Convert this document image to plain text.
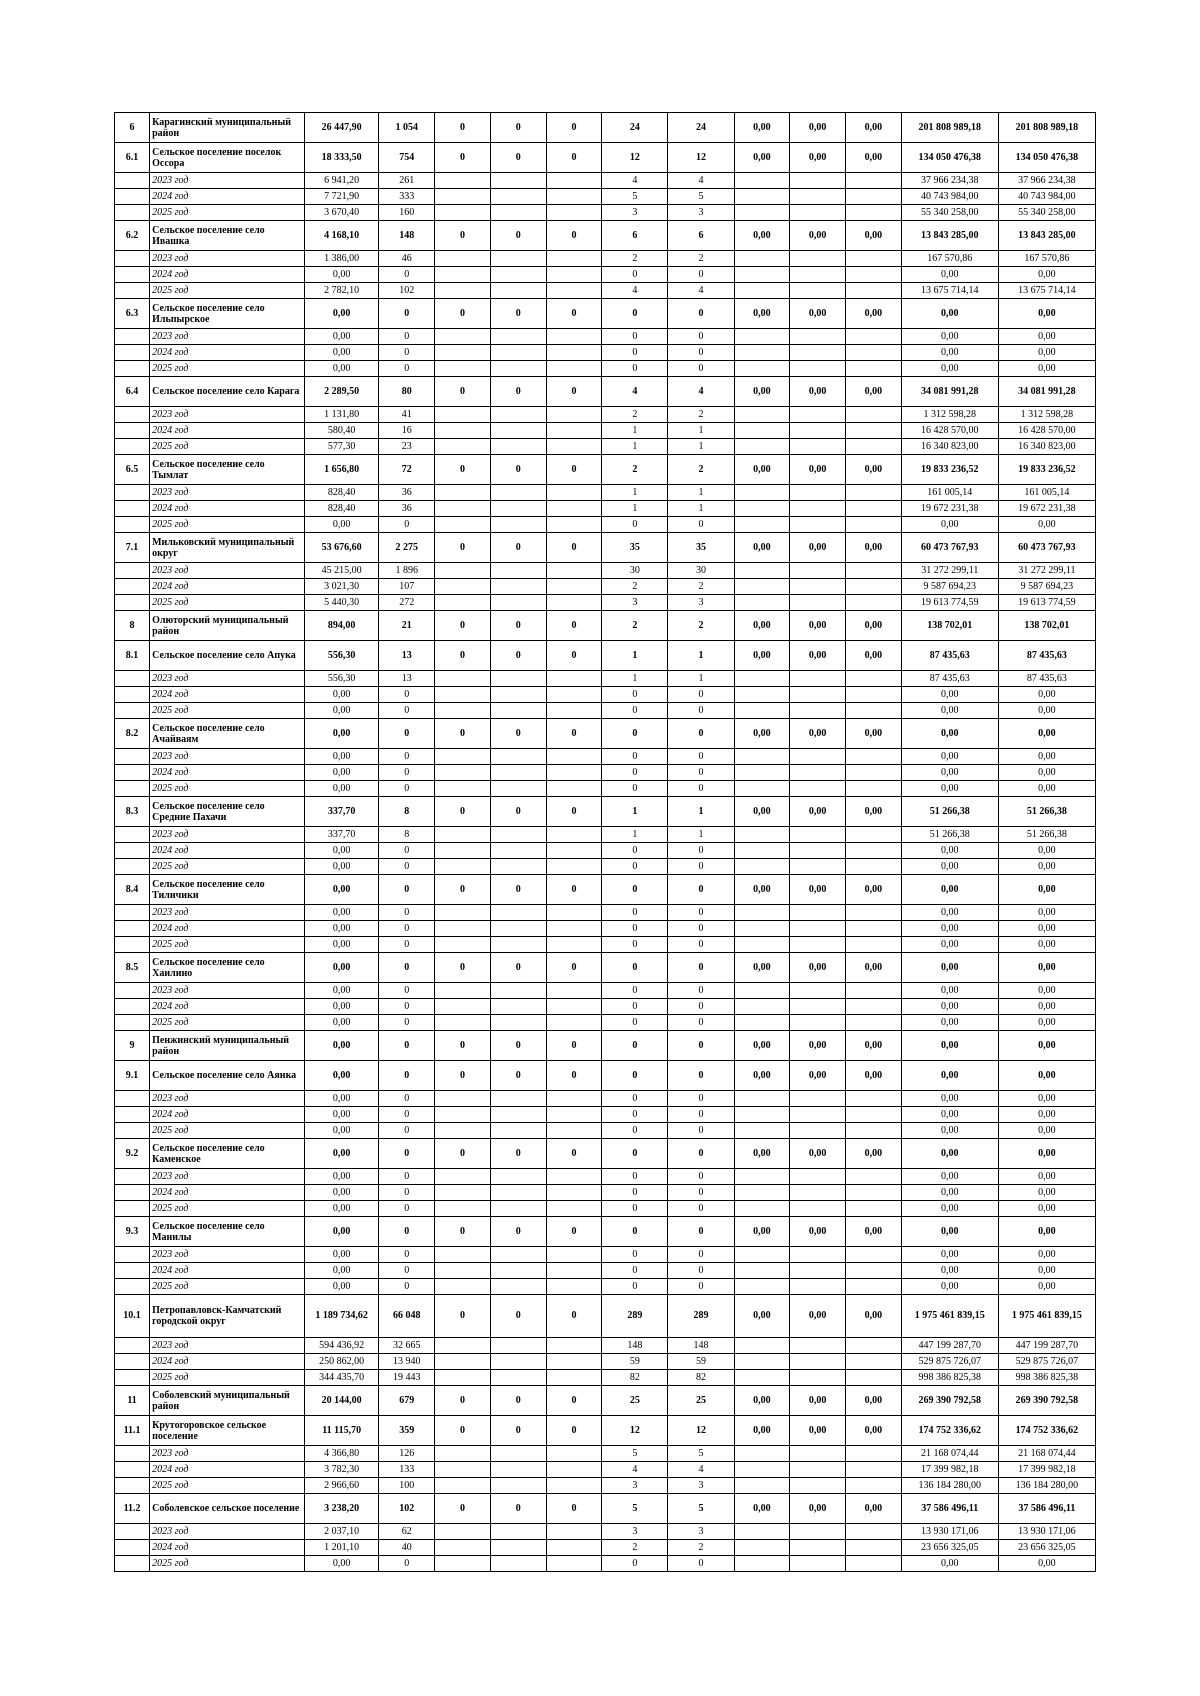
6	Карагинский муниципальный район	26 447,90	1 054	0	0	0	24	24	0,00	0,00	0,00	201 808 989,18	201 808 989,18
6.1	Сельское поселение поселок Оссора	18 333,50	754	0	0	0	12	12	0,00	0,00	0,00	134 050 476,38	134 050 476,38
	2023 год	6 941,20	261				4	4				37 966 234,38	37 966 234,38
	2024 год	7 721,90	333				5	5				40 743 984,00	40 743 984,00
	2025 год	3 670,40	160				3	3				55 340 258,00	55 340 258,00
6.2	Сельское поселение село Ивашка	4 168,10	148	0	0	0	6	6	0,00	0,00	0,00	13 843 285,00	13 843 285,00
	2023 год	1 386,00	46				2	2				167 570,86	167 570,86
	2024 год	0,00	0				0	0				0,00	0,00
	2025 год	2 782,10	102				4	4				13 675 714,14	13 675 714,14
6.3	Сельское поселение село Ильпырское	0,00	0	0	0	0	0	0	0,00	0,00	0,00	0,00	0,00
	2023 год	0,00	0				0	0				0,00	0,00
	2024 год	0,00	0				0	0				0,00	0,00
	2025 год	0,00	0				0	0				0,00	0,00
6.4	Сельское поселение село Карага	2 289,50	80	0	0	0	4	4	0,00	0,00	0,00	34 081 991,28	34 081 991,28
	2023 год	1 131,80	41				2	2				1 312 598,28	1 312 598,28
	2024 год	580,40	16				1	1				16 428 570,00	16 428 570,00
	2025 год	577,30	23				1	1				16 340 823,00	16 340 823,00
6.5	Сельское поселение село Тымлат	1 656,80	72	0	0	0	2	2	0,00	0,00	0,00	19 833 236,52	19 833 236,52
	2023 год	828,40	36				1	1				161 005,14	161 005,14
	2024 год	828,40	36				1	1				19 672 231,38	19 672 231,38
	2025 год	0,00	0				0	0				0,00	0,00
7.1	Мильковский муниципальный округ	53 676,60	2 275	0	0	0	35	35	0,00	0,00	0,00	60 473 767,93	60 473 767,93
	2023 год	45 215,00	1 896				30	30				31 272 299,11	31 272 299,11
	2024 год	3 021,30	107				2	2				9 587 694,23	9 587 694,23
	2025 год	5 440,30	272				3	3				19 613 774,59	19 613 774,59
8	Олюторский муниципальный район	894,00	21	0	0	0	2	2	0,00	0,00	0,00	138 702,01	138 702,01
8.1	Сельское поселение село Апука	556,30	13	0	0	0	1	1	0,00	0,00	0,00	87 435,63	87 435,63
	2023 год	556,30	13				1	1				87 435,63	87 435,63
	2024 год	0,00	0				0	0				0,00	0,00
	2025 год	0,00	0				0	0				0,00	0,00
8.2	Сельское поселение село Ачайваям	0,00	0	0	0	0	0	0	0,00	0,00	0,00	0,00	0,00
	2023 год	0,00	0				0	0				0,00	0,00
	2024 год	0,00	0				0	0				0,00	0,00
	2025 год	0,00	0				0	0				0,00	0,00
8.3	Сельское поселение село Средние Пахачи	337,70	8	0	0	0	1	1	0,00	0,00	0,00	51 266,38	51 266,38
	2023 год	337,70	8				1	1				51 266,38	51 266,38
	2024 год	0,00	0				0	0				0,00	0,00
	2025 год	0,00	0				0	0				0,00	0,00
8.4	Сельское поселение село Тиличики	0,00	0	0	0	0	0	0	0,00	0,00	0,00	0,00	0,00
	2023 год	0,00	0				0	0				0,00	0,00
	2024 год	0,00	0				0	0				0,00	0,00
	2025 год	0,00	0				0	0				0,00	0,00
8.5	Сельское поселение село Хаилино	0,00	0	0	0	0	0	0	0,00	0,00	0,00	0,00	0,00
	2023 год	0,00	0				0	0				0,00	0,00
	2024 год	0,00	0				0	0				0,00	0,00
	2025 год	0,00	0				0	0				0,00	0,00
9	Пенжинский муниципальный район	0,00	0	0	0	0	0	0	0,00	0,00	0,00	0,00	0,00
9.1	Сельское поселение село Аянка	0,00	0	0	0	0	0	0	0,00	0,00	0,00	0,00	0,00
	2023 год	0,00	0				0	0				0,00	0,00
	2024 год	0,00	0				0	0				0,00	0,00
	2025 год	0,00	0				0	0				0,00	0,00
9.2	Сельское поселение село Каменское	0,00	0	0	0	0	0	0	0,00	0,00	0,00	0,00	0,00
	2023 год	0,00	0				0	0				0,00	0,00
	2024 год	0,00	0				0	0				0,00	0,00
	2025 год	0,00	0				0	0				0,00	0,00
9.3	Сельское поселение село Манилы	0,00	0	0	0	0	0	0	0,00	0,00	0,00	0,00	0,00
	2023 год	0,00	0				0	0				0,00	0,00
	2024 год	0,00	0				0	0				0,00	0,00
	2025 год	0,00	0				0	0				0,00	0,00
10.1	Петропавловск-Камчатский городской округ	1 189 734,62	66 048	0	0	0	289	289	0,00	0,00	0,00	1 975 461 839,15	1 975 461 839,15
	2023 год	594 436,92	32 665				148	148				447 199 287,70	447 199 287,70
	2024 год	250 862,00	13 940				59	59				529 875 726,07	529 875 726,07
	2025 год	344 435,70	19 443				82	82				998 386 825,38	998 386 825,38
11	Соболевский муниципальный район	20 144,00	679	0	0	0	25	25	0,00	0,00	0,00	269 390 792,58	269 390 792,58
11.1	Крутогоровское сельское поселение	11 115,70	359	0	0	0	12	12	0,00	0,00	0,00	174 752 336,62	174 752 336,62
	2023 год	4 366,80	126				5	5				21 168 074,44	21 168 074,44
	2024 год	3 782,30	133				4	4				17 399 982,18	17 399 982,18
	2025 год	2 966,60	100				3	3				136 184 280,00	136 184 280,00
11.2	Соболевское сельское поселение	3 238,20	102	0	0	0	5	5	0,00	0,00	0,00	37 586 496,11	37 586 496,11
	2023 год	2 037,10	62				3	3				13 930 171,06	13 930 171,06
	2024 год	1 201,10	40				2	2				23 656 325,05	23 656 325,05
	2025 год	0,00	0				0	0				0,00	0,00
